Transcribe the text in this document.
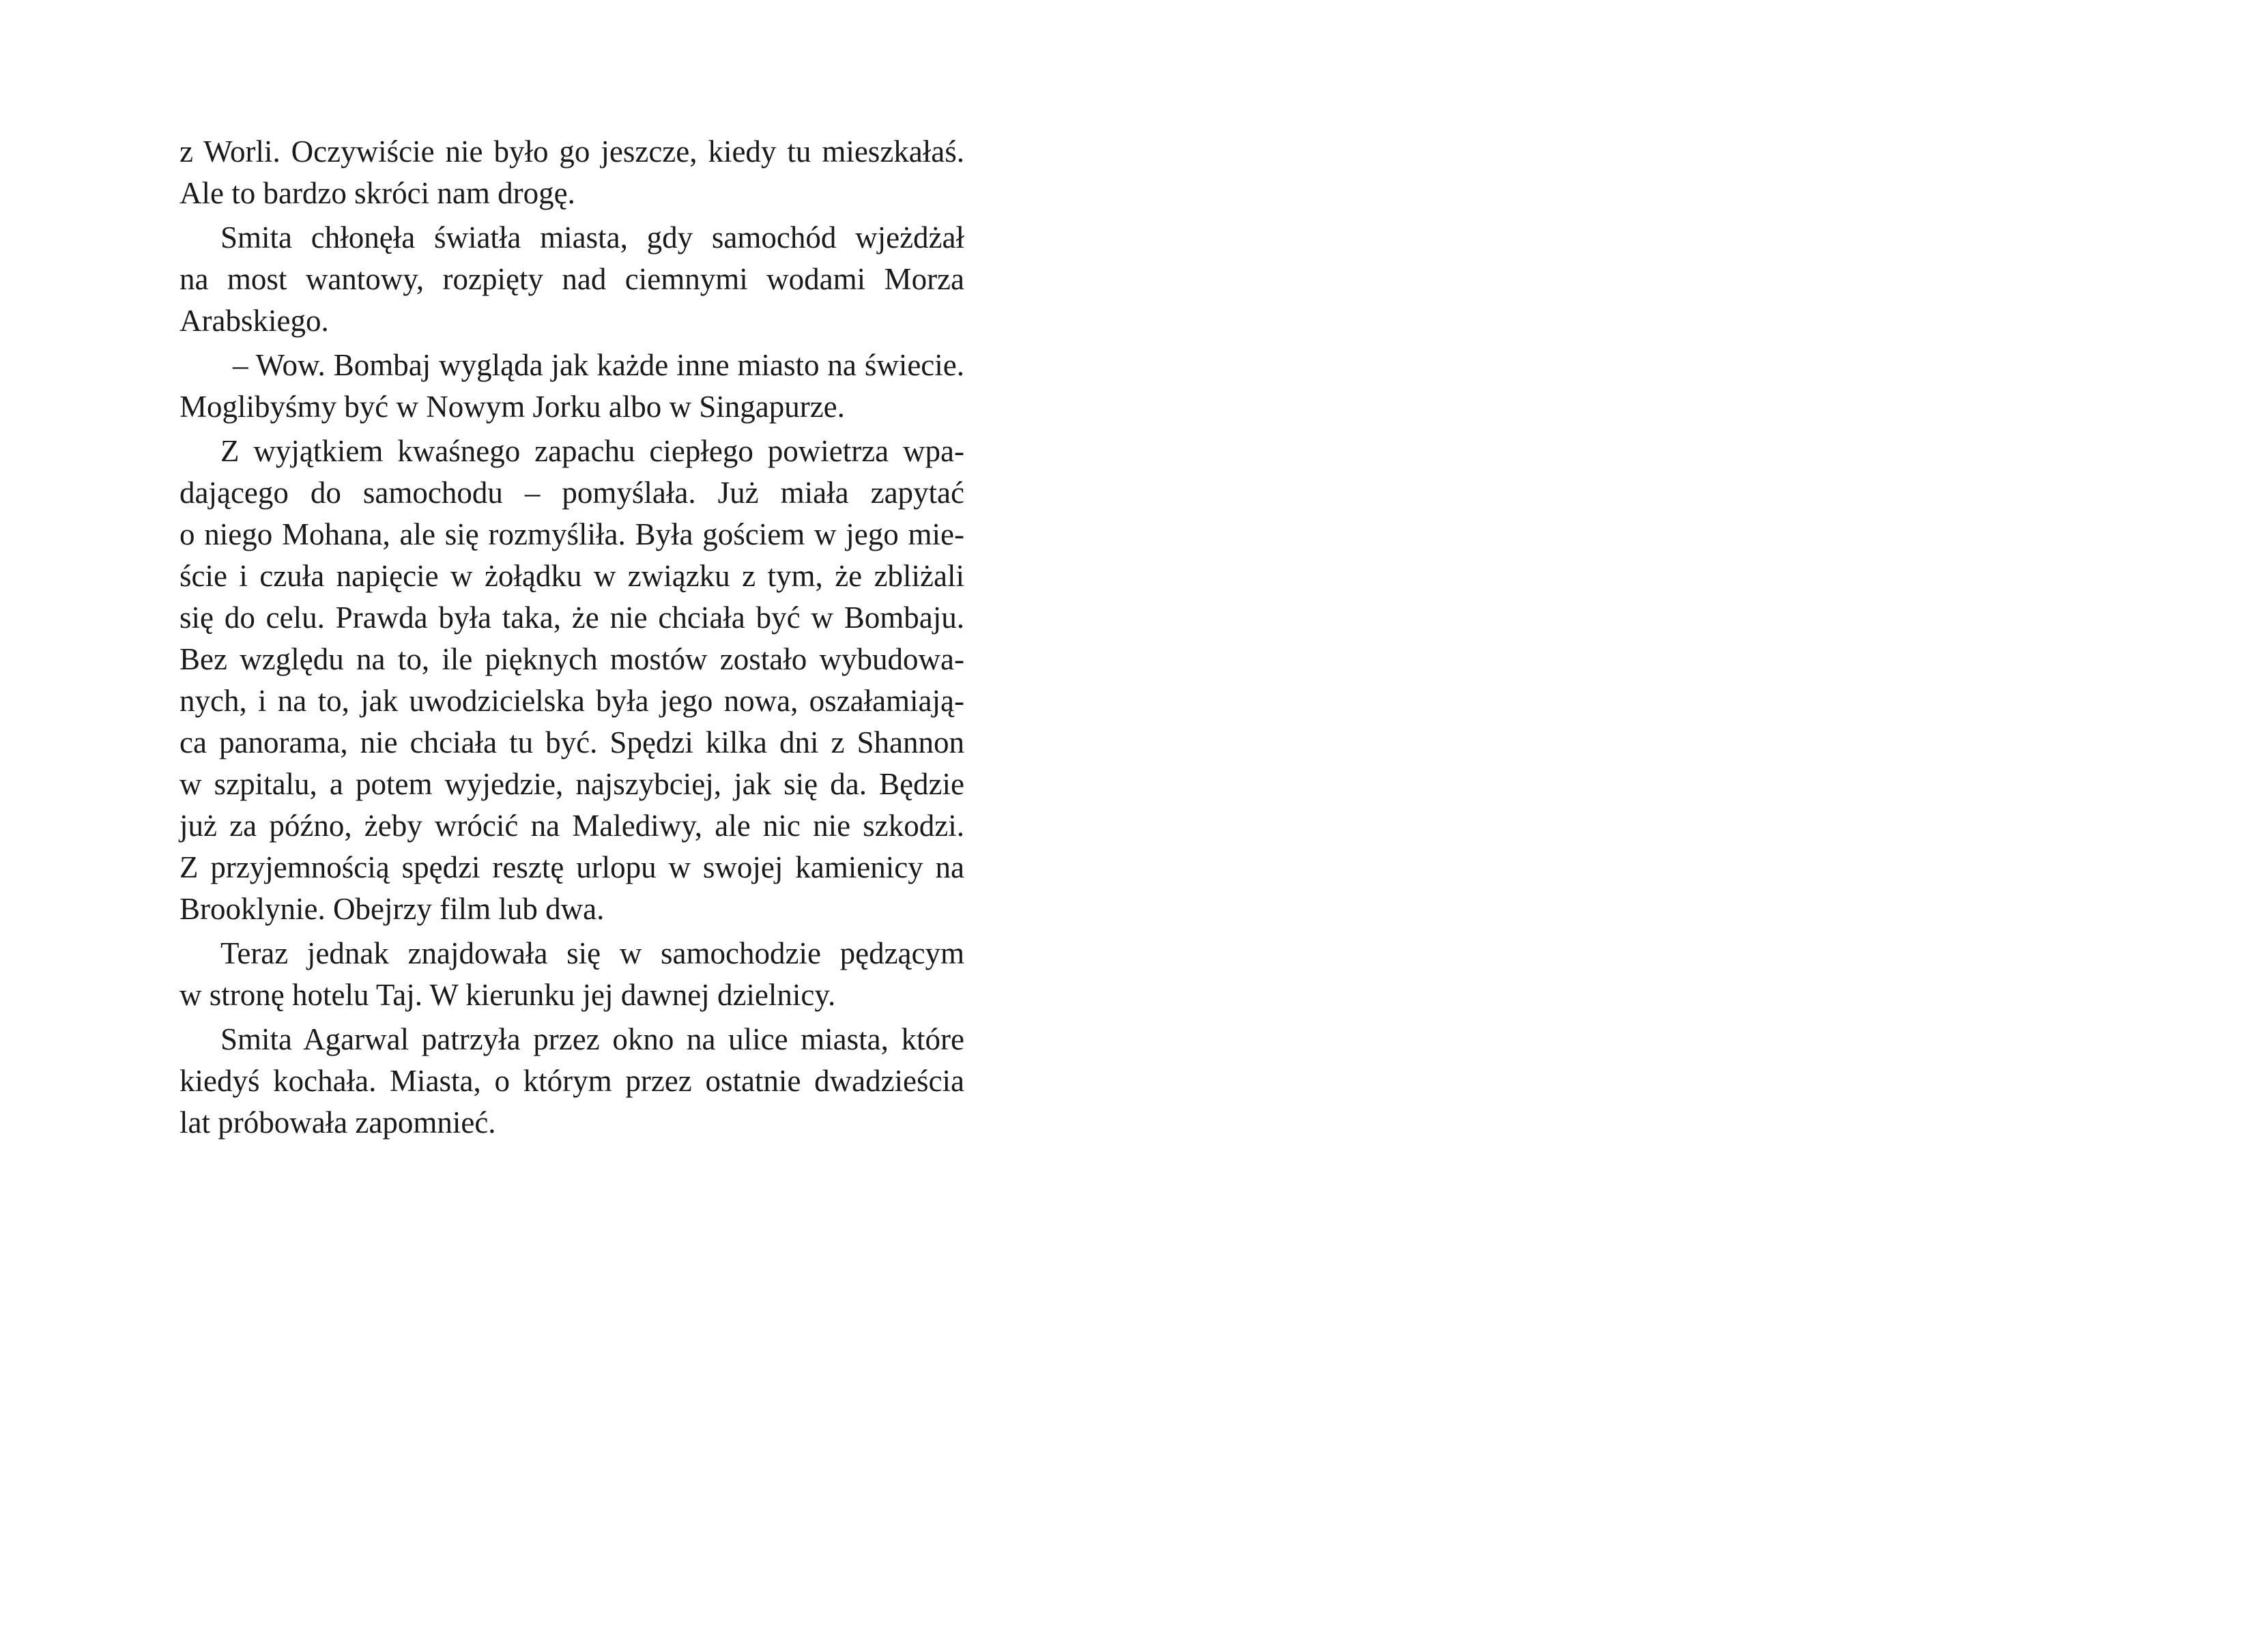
z Worli. Oczywiście nie było go jeszcze, kiedy tu mieszkałaś.
Ale to bardzo skróci nam drogę.
Smita chłonęła światła miasta, gdy samochód wjeżdżał
na most wantowy, rozpięty nad ciemnymi wodami Morza
Arabskiego.
– Wow. Bombaj wygląda jak każde inne miasto na świecie.
Moglibyśmy być w Nowym Jorku albo w Singapurze.
Z wyjątkiem kwaśnego zapachu ciepłego powietrza wpa-
dającego do samochodu – pomyślała. Już miała zapytać
o niego Mohana, ale się rozmyśliła. Była gościem w jego mie-
ście i czuła napięcie w żołądku w związku z tym, że zbliżali
się do celu. Prawda była taka, że nie chciała być w Bombaju.
Bez względu na to, ile pięknych mostów zostało wybudowa-
nych, i na to, jak uwodzicielska była jego nowa, oszałamiają-
ca panorama, nie chciała tu być. Spędzi kilka dni z Shannon
w szpitalu, a potem wyjedzie, najszybciej, jak się da. Będzie
już za późno, żeby wrócić na Malediwy, ale nic nie szkodzi.
Z przyjemnością spędzi resztę urlopu w swojej kamienicy na
Brooklynie. Obejrzy film lub dwa.
Teraz jednak znajdowała się w samochodzie pędzącym
w stronę hotelu Taj. W kierunku jej dawnej dzielnicy.
Smita Agarwal patrzyła przez okno na ulice miasta, które
kiedyś kochała. Miasta, o którym przez ostatnie dwadzieścia
lat próbowała zapomnieć.
